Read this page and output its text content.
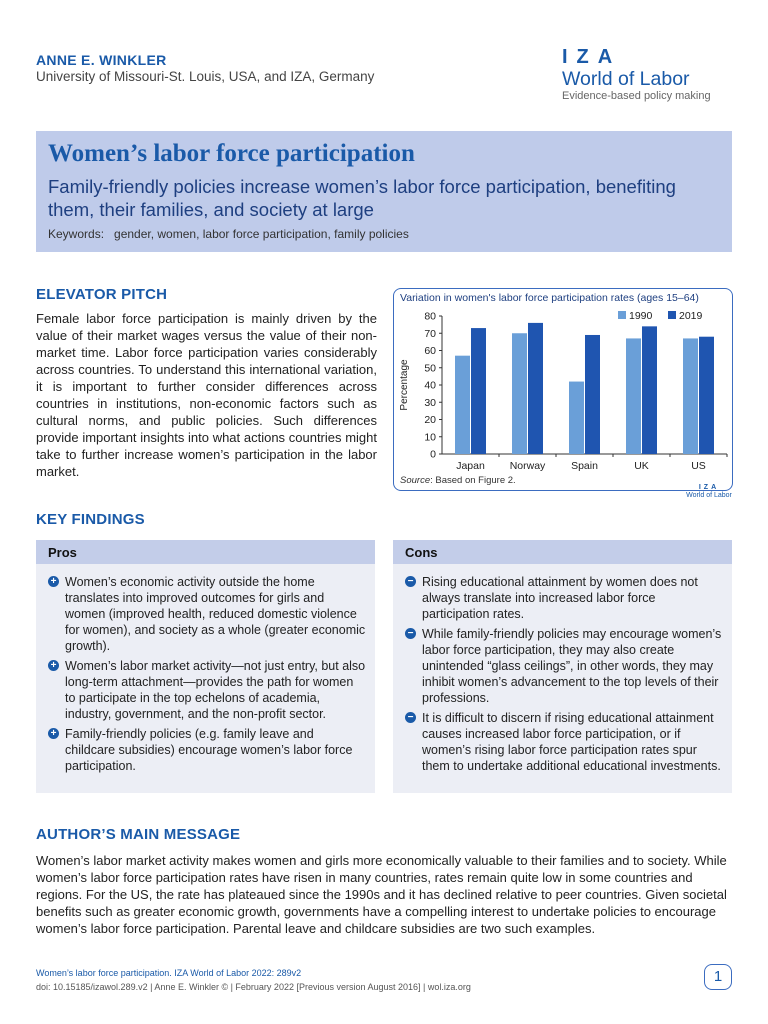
ANNE E. WINKLER
University of Missouri-St. Louis, USA, and IZA, Germany
IZA
World of Labor
Evidence-based policy making
Women’s labor force participation
Family-friendly policies increase women’s labor force participation, benefiting them, their families, and society at large
Keywords:   gender, women, labor force participation, family policies
ELEVATOR PITCH
Female labor force participation is mainly driven by the value of their market wages versus the value of their non-market time. Labor force participation varies considerably across countries. To understand this international variation, it is important to further consider differences across countries in institutions, non-economic factors such as cultural norms, and public policies. Such differences provide important insights into what actions countries might take to further increase women’s participation in the labor market.
Variation in women's labor force participation rates (ages 15–64)
0
10
20
30
40
50
60
70
80
Percentage
Japan Norway Spain	UK	US
1990	2019
Source: Based on Figure 2.
IZA
World of Labor
KEY FINDINGS
Pros
+ Women’s economic activity outside the home translates into improved outcomes for girls and women (improved health, reduced domestic violence for women), and society as a whole (greater economic growth).
+ Women’s labor market activity—not just entry, but also long-term attachment—provides the path for women to participate in the top echelons of academia, industry, government, and the non-profit sector.
+ Family-friendly policies (e.g. family leave and childcare subsidies) encourage women’s labor force participation.
Cons
− Rising educational attainment by women does not always translate into increased labor force participation rates.
− While family-friendly policies may encourage women’s labor force participation, they may also create unintended “glass ceilings”, in other words, they may inhibit women’s advancement to the top levels of their professions.
− It is difficult to discern if rising educational attainment causes increased labor force participation, or if women’s rising labor force participation rates spur them to undertake additional educational investments.
AUTHOR’S MAIN MESSAGE
Women’s labor market activity makes women and girls more economically valuable to their families and to society. While women’s labor force participation rates have risen in many countries, rates remain quite low in some countries and regions. For the US, the rate has plateaued since the 1990s and it has declined relative to peer countries. Given societal benefits such as greater economic growth, governments have a compelling interest to undertake policies to encourage women’s labor force participation. Parental leave and childcare subsidies are two such examples.
Women’s labor force participation. IZA World of Labor 2022: 289v2
doi: 10.15185/izawol.289.v2 | Anne E. Winkler © | February 2022 [Previous version August 2016] | wol.iza.org
1
